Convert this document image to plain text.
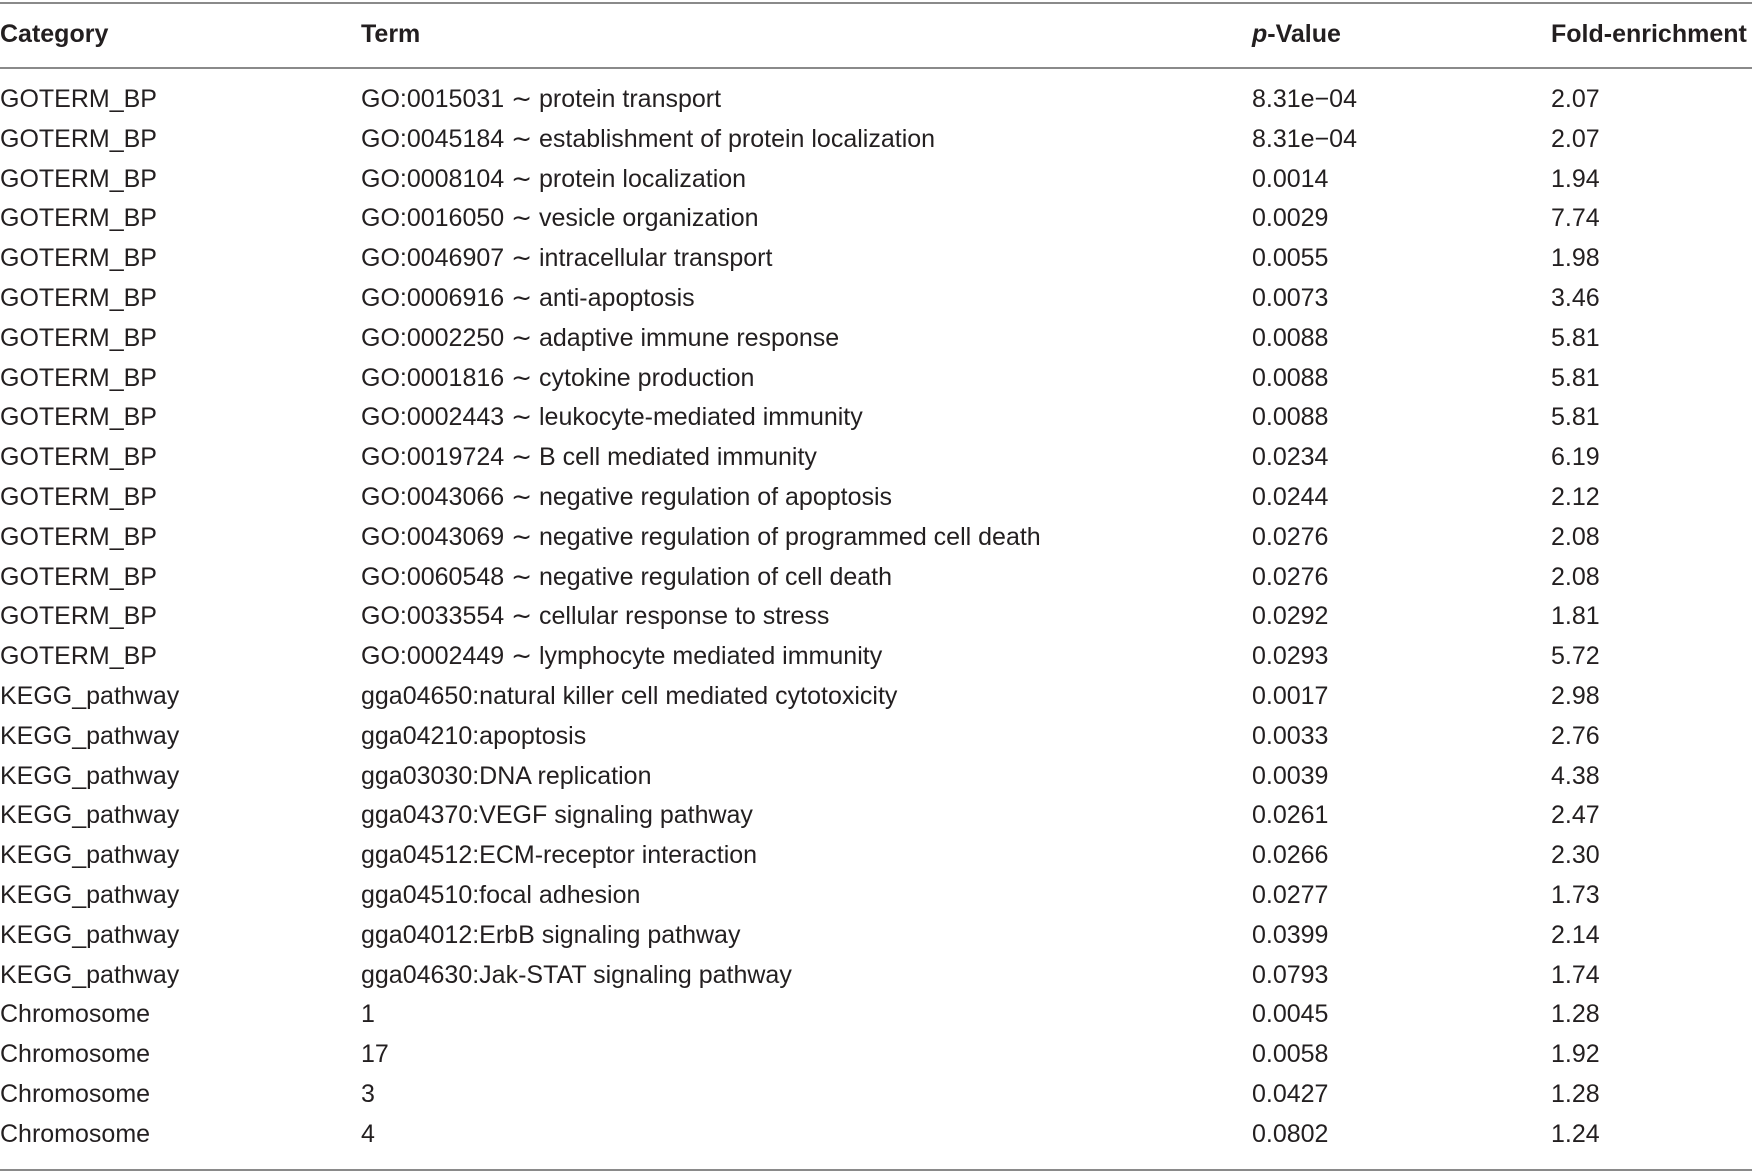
Category	Term	p-Value	Fold-enrichment
GOTERM_BP	GO:0015031 ∼ protein transport	8.31e−04	2.07
GOTERM_BP	GO:0045184 ∼ establishment of protein localization	8.31e−04	2.07
GOTERM_BP	GO:0008104 ∼ protein localization	0.0014	1.94
GOTERM_BP	GO:0016050 ∼ vesicle organization	0.0029	7.74
GOTERM_BP	GO:0046907 ∼ intracellular transport	0.0055	1.98
GOTERM_BP	GO:0006916 ∼ anti-apoptosis	0.0073	3.46
GOTERM_BP	GO:0002250 ∼ adaptive immune response	0.0088	5.81
GOTERM_BP	GO:0001816 ∼ cytokine production	0.0088	5.81
GOTERM_BP	GO:0002443 ∼ leukocyte-mediated immunity	0.0088	5.81
GOTERM_BP	GO:0019724 ∼ B cell mediated immunity	0.0234	6.19
GOTERM_BP	GO:0043066 ∼ negative regulation of apoptosis	0.0244	2.12
GOTERM_BP	GO:0043069 ∼ negative regulation of programmed cell death	0.0276	2.08
GOTERM_BP	GO:0060548 ∼ negative regulation of cell death	0.0276	2.08
GOTERM_BP	GO:0033554 ∼ cellular response to stress	0.0292	1.81
GOTERM_BP	GO:0002449 ∼ lymphocyte mediated immunity	0.0293	5.72
KEGG_pathway	gga04650:natural killer cell mediated cytotoxicity	0.0017	2.98
KEGG_pathway	gga04210:apoptosis	0.0033	2.76
KEGG_pathway	gga03030:DNA replication	0.0039	4.38
KEGG_pathway	gga04370:VEGF signaling pathway	0.0261	2.47
KEGG_pathway	gga04512:ECM-receptor interaction	0.0266	2.30
KEGG_pathway	gga04510:focal adhesion	0.0277	1.73
KEGG_pathway	gga04012:ErbB signaling pathway	0.0399	2.14
KEGG_pathway	gga04630:Jak-STAT signaling pathway	0.0793	1.74
Chromosome	1	0.0045	1.28
Chromosome	17	0.0058	1.92
Chromosome	3	0.0427	1.28
Chromosome	4	0.0802	1.24
